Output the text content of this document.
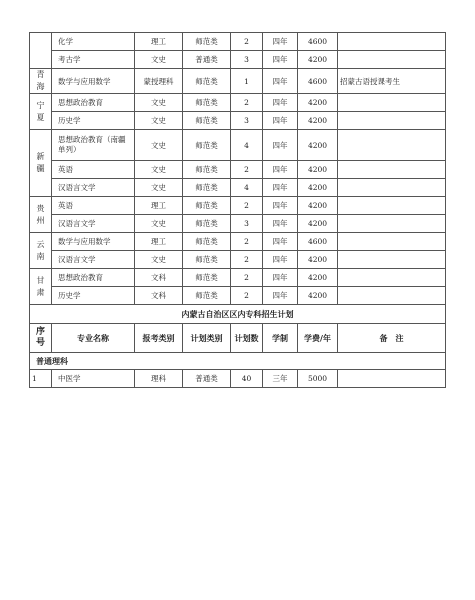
	化学	理工	师范类	2	四年	4600	
	考古学	文史	普通类	3	四年	4200	
青海	数学与应用数学	蒙授理科	师范类	1	四年	4600	招蒙古语授课考生
宁夏	思想政治教育	文史	师范类	2	四年	4200	
	历史学	文史	师范类	3	四年	4200	
新疆	思想政治教育（南疆单列）	文史	师范类	4	四年	4200	
	英语	文史	师范类	2	四年	4200	
	汉语言文学	文史	师范类	4	四年	4200	
贵州	英语	理工	师范类	2	四年	4200	
	汉语言文学	文史	师范类	3	四年	4200	
云南	数学与应用数学	理工	师范类	2	四年	4600	
	汉语言文学	文史	师范类	2	四年	4200	
甘肃	思想政治教育	文科	师范类	2	四年	4200	
	历史学	文科	师范类	2	四年	4200	
内蒙古自治区区内专科招生计划							
序号	专业名称	报考类别	计划类别	计划数	学制	学费/年	备　注
普通理科							
1	中医学	理科	普通类	40	三年	5000	
